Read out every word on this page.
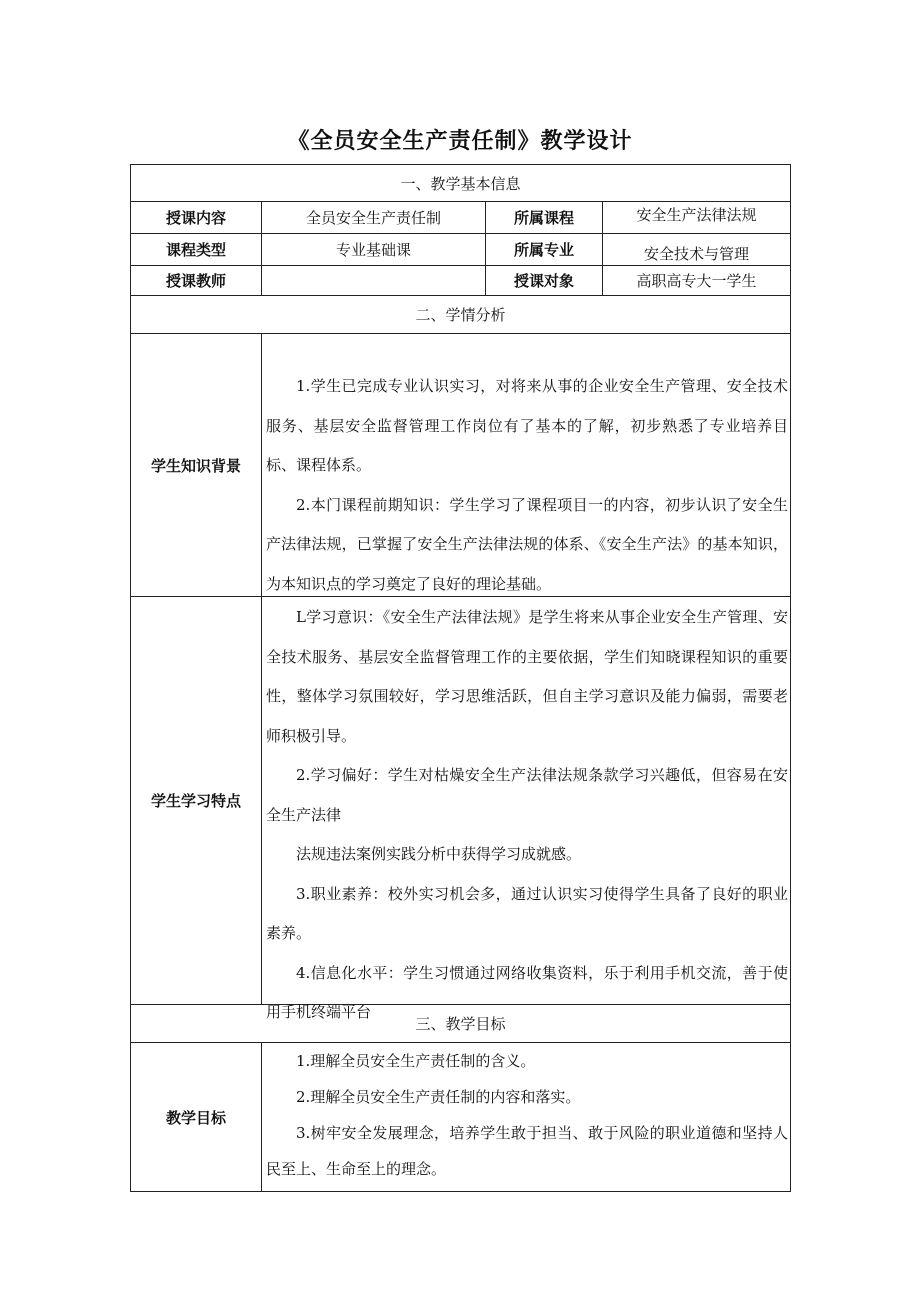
《全员安全生产责任制》教学设计
一、教学基本信息			
授课内容	全员安全生产责任制	所属课程	安全生产法律法规
课程类型	专业基础课	所属专业	安全技术与管理
授课教师		授课对象	高职高专大一学生
二、学情分析			
学生知识背景	1.学生已完成专业认识实习，对将来从事的企业安全生产管理、安全技术服务、基层安全监督管理工作岗位有了基本的了解，初步熟悉了专业培养目标、课程体系。

2.本门课程前期知识：学生学习了课程项目一的内容，初步认识了安全生产法律法规，已掌握了安全生产法律法规的体系、《安全生产法》的基本知识，为本知识点的学习奠定了良好的理论基础。		

学生学习特点	L学习意识：《安全生产法律法规》是学生将来从事企业安全生产管理、安全技术服务、基层安全监督管理工作的主要依据，学生们知晓课程知识的重要性，整体学习氛围较好，学习思维活跃，但自主学习意识及能力偏弱，需要老师积极引导。

2.学习偏好：学生对枯燥安全生产法律法规条款学习兴趣低，但容易在安全生产法律

法规违法案例实践分析中获得学习成就感。

3.职业素养：校外实习机会多，通过认识实习使得学生具备了良好的职业素养。

4.信息化水平：学生习惯通过网络收集资料，乐于利用手机交流，善于使用手机终端平台		

三、教学目标			
教学目标	1.理解全员安全生产责任制的含义。

2.理解全员安全生产责任制的内容和落实。

3.树牢安全发展理念，培养学生敢于担当、敢于风险的职业道德和坚持人民至上、生命至上的理念。		
